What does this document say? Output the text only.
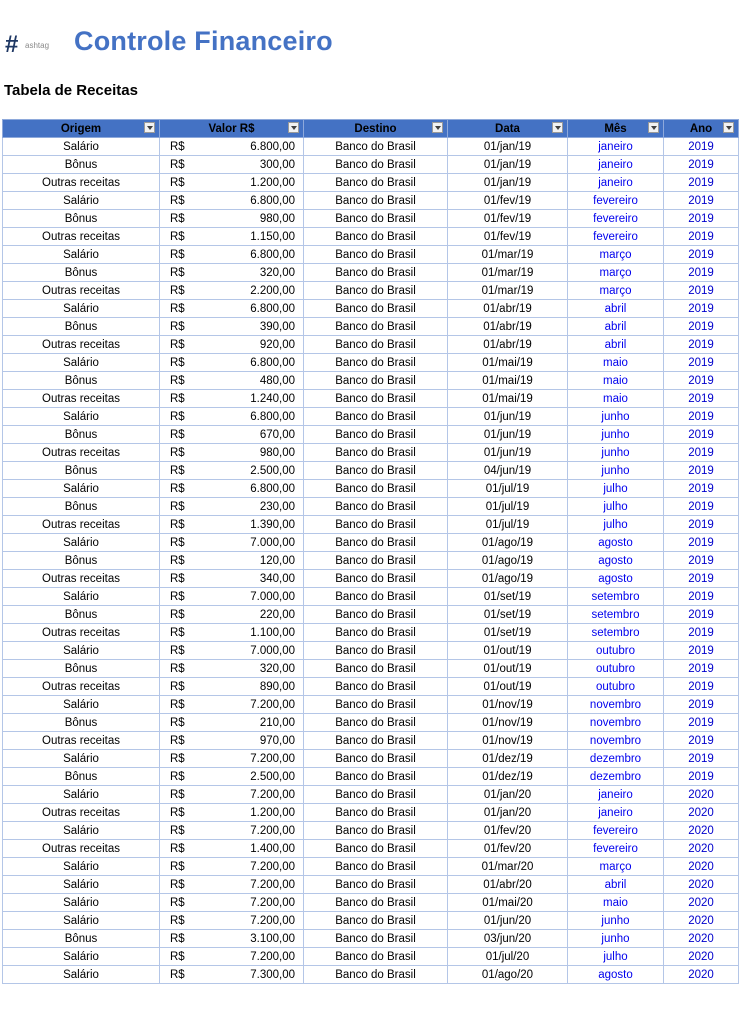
# ashtag Controle Financeiro
Tabela de Receitas
Origem	Valor R$		Destino	Data	Mês	Ano

Salário	R$	6.800,00	Banco do Brasil	01/jan/19	janeiro	2019
Bônus	R$	300,00	Banco do Brasil	01/jan/19	janeiro	2019
Outras receitas	R$	1.200,00	Banco do Brasil	01/jan/19	janeiro	2019
Salário	R$	6.800,00	Banco do Brasil	01/fev/19	fevereiro	2019
Bônus	R$	980,00	Banco do Brasil	01/fev/19	fevereiro	2019
Outras receitas	R$	1.150,00	Banco do Brasil	01/fev/19	fevereiro	2019
Salário	R$	6.800,00	Banco do Brasil	01/mar/19	março	2019
Bônus	R$	320,00	Banco do Brasil	01/mar/19	março	2019
Outras receitas	R$	2.200,00	Banco do Brasil	01/mar/19	março	2019
Salário	R$	6.800,00	Banco do Brasil	01/abr/19	abril	2019
Bônus	R$	390,00	Banco do Brasil	01/abr/19	abril	2019
Outras receitas	R$	920,00	Banco do Brasil	01/abr/19	abril	2019
Salário	R$	6.800,00	Banco do Brasil	01/mai/19	maio	2019
Bônus	R$	480,00	Banco do Brasil	01/mai/19	maio	2019
Outras receitas	R$	1.240,00	Banco do Brasil	01/mai/19	maio	2019
Salário	R$	6.800,00	Banco do Brasil	01/jun/19	junho	2019
Bônus	R$	670,00	Banco do Brasil	01/jun/19	junho	2019
Outras receitas	R$	980,00	Banco do Brasil	01/jun/19	junho	2019
Bônus	R$	2.500,00	Banco do Brasil	04/jun/19	junho	2019
Salário	R$	6.800,00	Banco do Brasil	01/jul/19	julho	2019
Bônus	R$	230,00	Banco do Brasil	01/jul/19	julho	2019
Outras receitas	R$	1.390,00	Banco do Brasil	01/jul/19	julho	2019
Salário	R$	7.000,00	Banco do Brasil	01/ago/19	agosto	2019
Bônus	R$	120,00	Banco do Brasil	01/ago/19	agosto	2019
Outras receitas	R$	340,00	Banco do Brasil	01/ago/19	agosto	2019
Salário	R$	7.000,00	Banco do Brasil	01/set/19	setembro	2019
Bônus	R$	220,00	Banco do Brasil	01/set/19	setembro	2019
Outras receitas	R$	1.100,00	Banco do Brasil	01/set/19	setembro	2019
Salário	R$	7.000,00	Banco do Brasil	01/out/19	outubro	2019
Bônus	R$	320,00	Banco do Brasil	01/out/19	outubro	2019
Outras receitas	R$	890,00	Banco do Brasil	01/out/19	outubro	2019
Salário	R$	7.200,00	Banco do Brasil	01/nov/19	novembro	2019
Bônus	R$	210,00	Banco do Brasil	01/nov/19	novembro	2019
Outras receitas	R$	970,00	Banco do Brasil	01/nov/19	novembro	2019
Salário	R$	7.200,00	Banco do Brasil	01/dez/19	dezembro	2019
Bônus	R$	2.500,00	Banco do Brasil	01/dez/19	dezembro	2019
Salário	R$	7.200,00	Banco do Brasil	01/jan/20	janeiro	2020
Outras receitas	R$	1.200,00	Banco do Brasil	01/jan/20	janeiro	2020
Salário	R$	7.200,00	Banco do Brasil	01/fev/20	fevereiro	2020
Outras receitas	R$	1.400,00	Banco do Brasil	01/fev/20	fevereiro	2020
Salário	R$	7.200,00	Banco do Brasil	01/mar/20	março	2020
Salário	R$	7.200,00	Banco do Brasil	01/abr/20	abril	2020
Salário	R$	7.200,00	Banco do Brasil	01/mai/20	maio	2020
Salário	R$	7.200,00	Banco do Brasil	01/jun/20	junho	2020
Bônus	R$	3.100,00	Banco do Brasil	03/jun/20	junho	2020
Salário	R$	7.200,00	Banco do Brasil	01/jul/20	julho	2020
Salário	R$	7.300,00	Banco do Brasil	01/ago/20	agosto	2020
